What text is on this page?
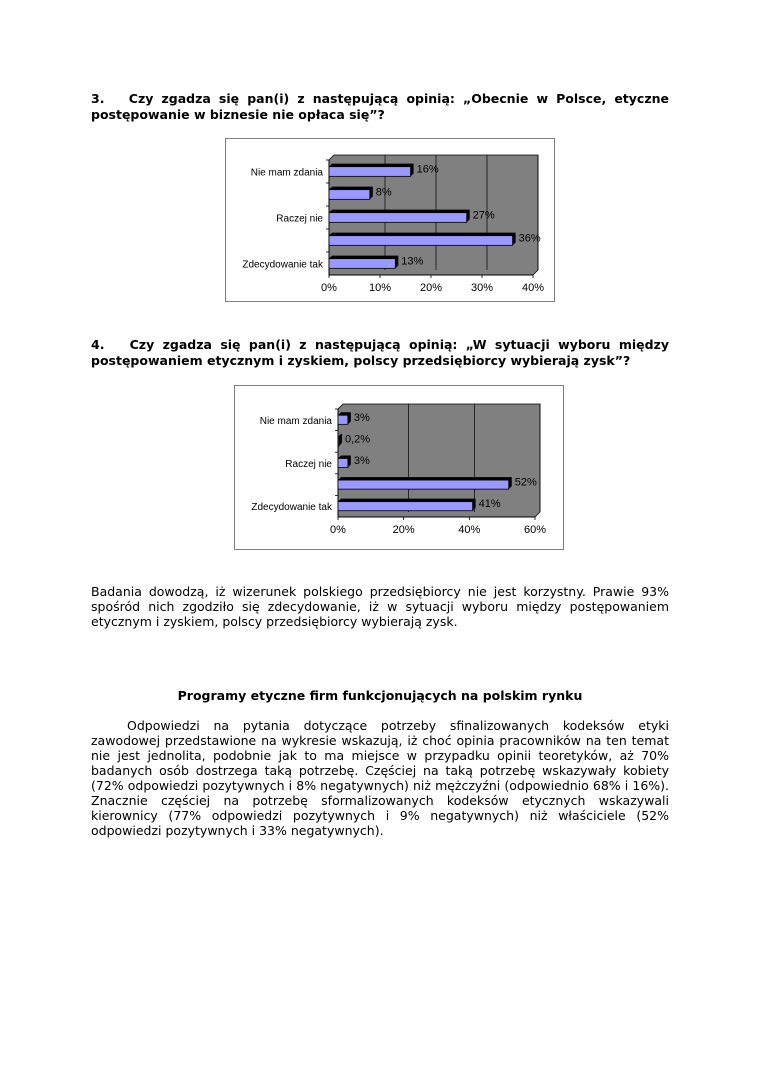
3. Czy zgadza się pan(i) z następującą opinią: „Obecnie w Polsce, etyczne postępowanie w biznesie nie opłaca się”?
0%	10%	20%	30%	40%
16%
Nie mam zdania
8%
27%
Raczej nie
36%
13%
Zdecydowanie tak
4. Czy zgadza się pan(i) z następującą opinią: „W sytuacji wyboru między postępowaniem etycznym i zyskiem, polscy przedsiębiorcy wybierają zysk”?
0%	20%	40%	60%
3%
Nie mam zdania
0,2%
3%
Raczej nie
52%
41%
Zdecydowanie tak
Badania dowodzą, iż wizerunek polskiego przedsiębiorcy nie jest korzystny. Prawie 93% spośród nich zgodziło się zdecydowanie, iż w sytuacji wyboru między postępowaniem etycznym i zyskiem, polscy przedsiębiorcy wybierają zysk.
Programy etyczne firm funkcjonujących na polskim rynku
Odpowiedzi na pytania dotyczące potrzeby sfinalizowanych kodeksów etyki zawodowej przedstawione na wykresie wskazują, iż choć opinia pracowników na ten temat nie jest jednolita, podobnie jak to ma miejsce w przypadku opinii teoretyków, aż 70% badanych osób dostrzega taką potrzebę. Częściej na taką potrzebę wskazywały kobiety (72% odpowiedzi pozytywnych i 8% negatywnych) niż mężczyźni (odpowiednio 68% i 16%). Znacznie częściej na potrzebę sformalizowanych kodeksów etycznych wskazywali kierownicy (77% odpowiedzi pozytywnych i 9% negatywnych) niż właściciele (52% odpowiedzi pozytywnych i 33% negatywnych).
